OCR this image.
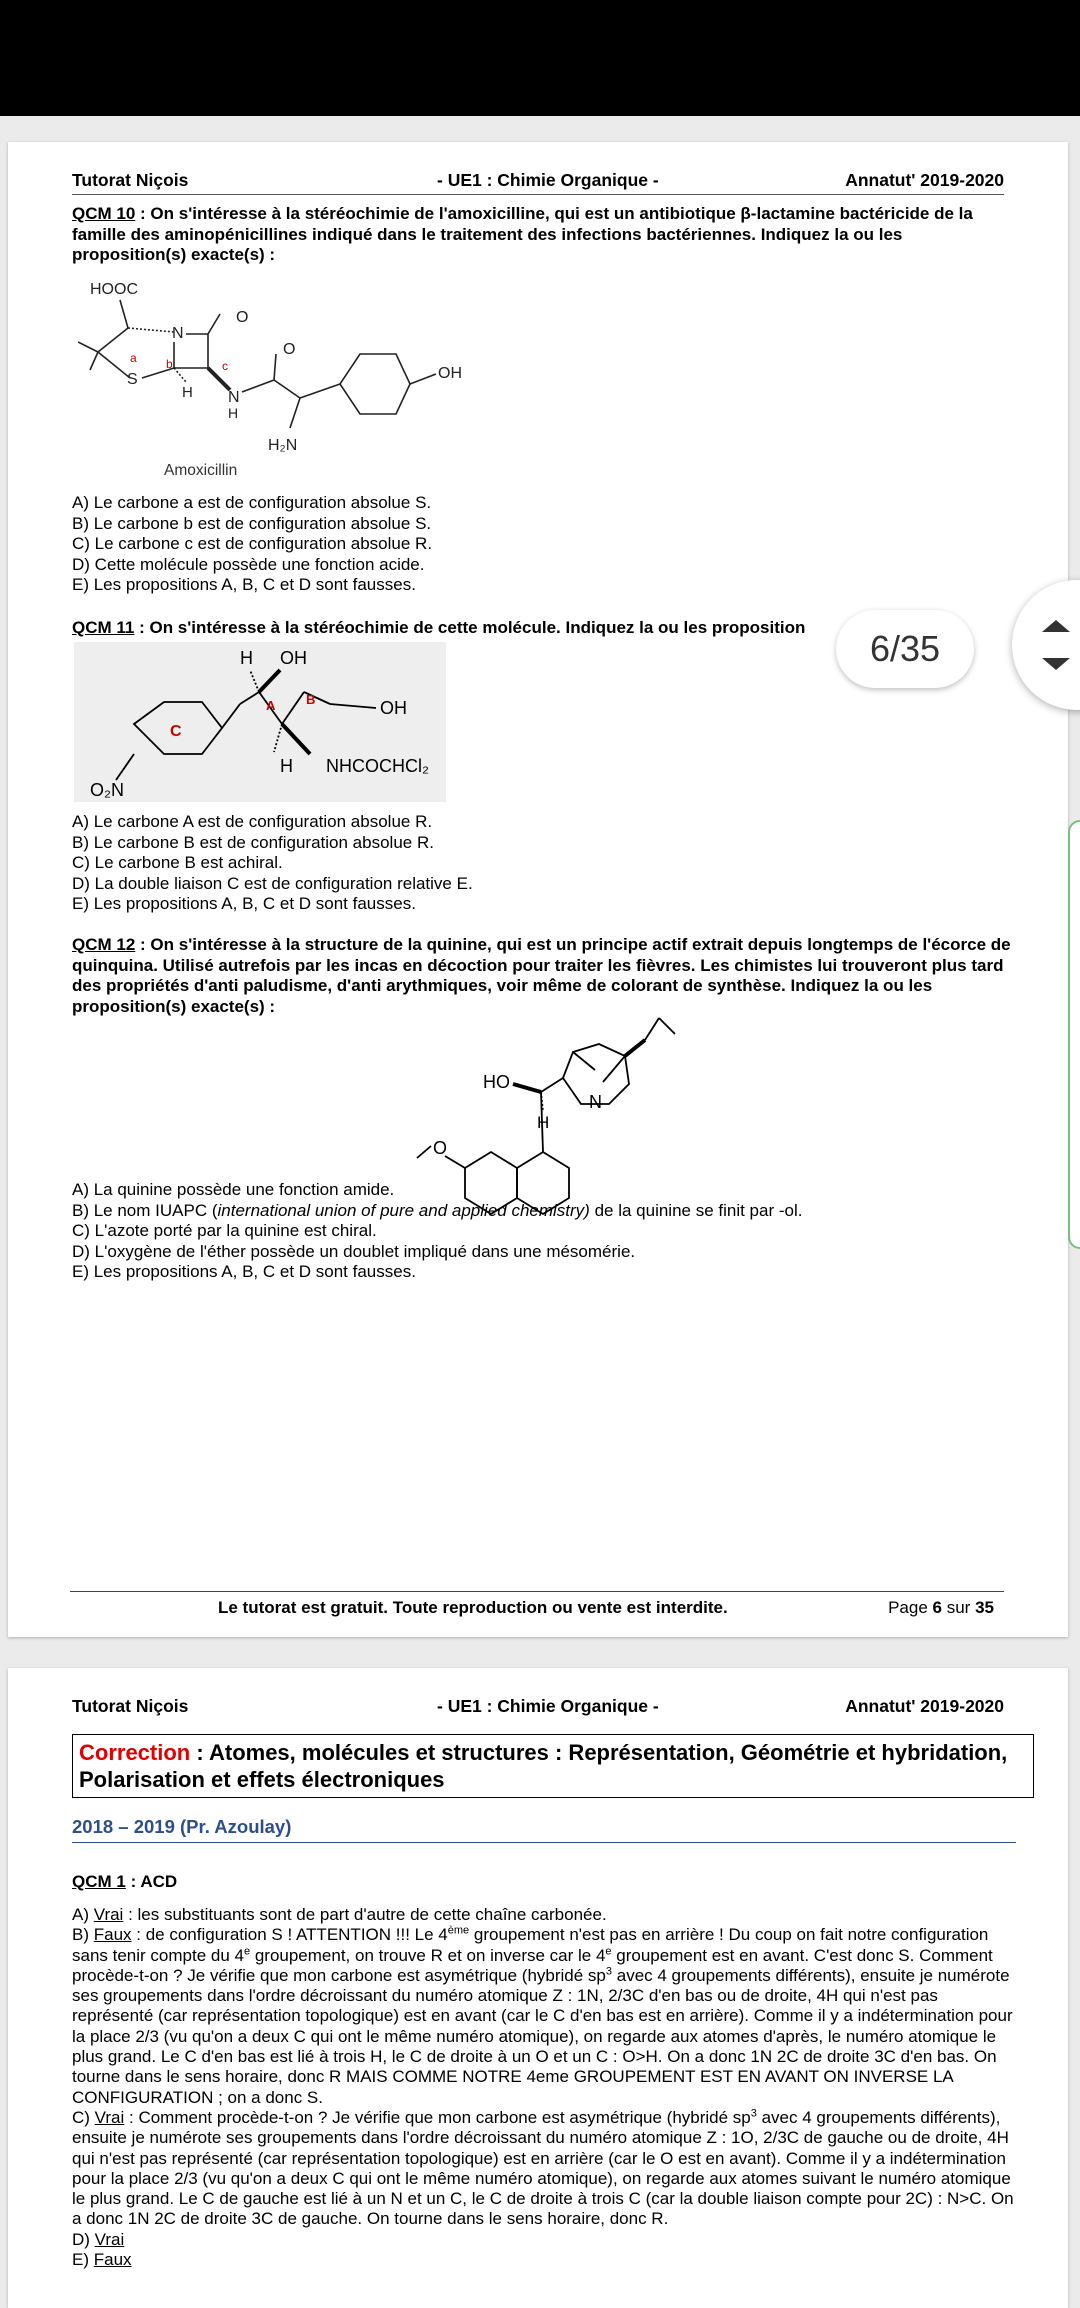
Tutorat Niçois	- UE1 : Chimie Organique -	Annatut' 2019-2020
QCM 10 : On s'intéresse à la stéréochimie de l'amoxicilline, qui est un antibiotique β-lactamine bactéricide de la famille des aminopénicillines indiqué dans le traitement des infections bactériennes. Indiquez la ou les proposition(s) exacte(s) :
HOOC
S
N
O
H N
H
O
H₂N
OH
a b	c
Amoxicillin
A) Le carbone a est de configuration absolue S.
B) Le carbone b est de configuration absolue S.
C) Le carbone c est de configuration absolue R.
D) Cette molécule possède une fonction acide.
E) Les propositions A, B, C et D sont fausses.
QCM 11 : On s'intéresse à la stéréochimie de cette molécule. Indiquez la ou les proposition
H OH
OH
H NHCOCHCl₂
O₂N
A B
C
A) Le carbone A est de configuration absolue R.
B) Le carbone B est de configuration absolue R.
C) Le carbone B est achiral.
D) La double liaison C est de configuration relative E.
E) Les propositions A, B, C et D sont fausses.
QCM 12 : On s'intéresse à la structure de la quinine, qui est un principe actif extrait depuis longtemps de l'écorce de quinquina. Utilisé autrefois par les incas en décoction pour traiter les fièvres. Les chimistes lui trouveront plus tard des propriétés d'anti paludisme, d'anti arythmiques, voir même de colorant de synthèse. Indiquez la ou les proposition(s) exacte(s) :
HO
N
H
O
A) La quinine possède une fonction amide.
B) Le nom IUAPC (international union of pure and applied chemistry) de la quinine se finit par -ol.
C) L'azote porté par la quinine est chiral.
D) L'oxygène de l'éther possède un doublet impliqué dans une mésomérie.
E) Les propositions A, B, C et D sont fausses.
Le tutorat est gratuit. Toute reproduction ou vente est interdite.	Page 6 sur 35
Tutorat Niçois	- UE1 : Chimie Organique -	Annatut' 2019-2020
Correction : Atomes, molécules et structures : Représentation, Géométrie et hybridation, Polarisation et effets électroniques
2018 – 2019 (Pr. Azoulay)
QCM 1 : ACD
A) Vrai : les substituants sont de part d'autre de cette chaîne carbonée.
B) Faux : de configuration S ! ATTENTION !!! Le 4ème groupement n'est pas en arrière ! Du coup on fait notre configuration sans tenir compte du 4e groupement, on trouve R et on inverse car le 4e groupement est en avant. C'est donc S. Comment procède-t-on ? Je vérifie que mon carbone est asymétrique (hybridé $sp^3$ avec 4 groupements différents), ensuite je numérote ses groupements dans l'ordre décroissant du numéro atomique Z : 1N, 2/3C d'en bas ou de droite, 4H qui n'est pas représenté (car représentation topologique) est en avant (car le C d'en bas est en arrière). Comme il y a indétermination pour la place 2/3 (vu qu'on a deux C qui ont le même numéro atomique), on regarde aux atomes d'après, le numéro atomique le plus grand. Le C d'en bas est lié à trois H, le C de droite à un O et un C : O>H. On a donc 1N 2C de droite 3C d'en bas. On tourne dans le sens horaire, donc R MAIS COMME NOTRE 4eme GROUPEMENT EST EN AVANT ON INVERSE LA CONFIGURATION ; on a donc S.
C) Vrai : Comment procède-t-on ? Je vérifie que mon carbone est asymétrique (hybridé $sp^3$ avec 4 groupements différents), ensuite je numérote ses groupements dans l'ordre décroissant du numéro atomique Z : 1O, 2/3C de gauche ou de droite, 4H qui n'est pas représenté (car représentation topologique) est en arrière (car le O est en avant). Comme il y a indétermination pour la place 2/3 (vu qu'on a deux C qui ont le même numéro atomique), on regarde aux atomes suivant le numéro atomique le plus grand. Le C de gauche est lié à un N et un C, le C de droite à trois C (car la double liaison compte pour 2C) : N>C. On a donc 1N 2C de droite 3C de gauche. On tourne dans le sens horaire, donc R.
D) Vrai
E) Faux
6/35
